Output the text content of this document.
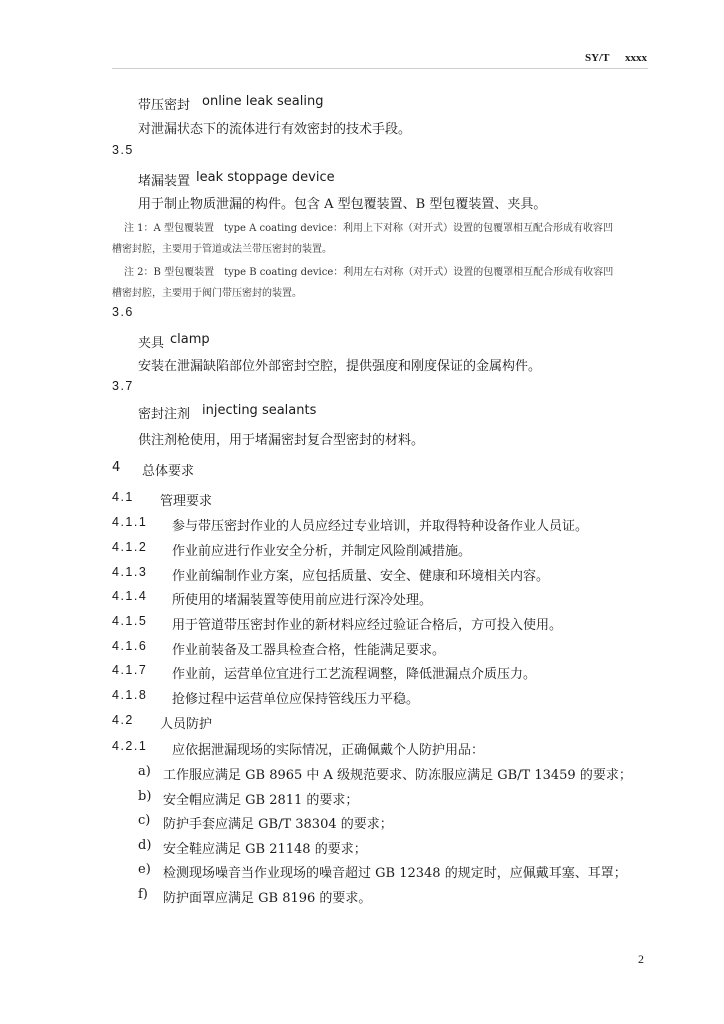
SY/T xxxx
带压密封 online leak sealing
对泄漏状态下的流体进行有效密封的技术手段。
3.5
堵漏装置 leak stoppage device
用于制止物质泄漏的构件。包含 A 型包覆装置、B 型包覆装置、夹具。
注 1：A 型包覆装置　type A coating device：利用上下对称（对开式）设置的包覆罩相互配合形成有收容凹
槽密封腔，主要用于管道或法兰带压密封的装置。
注 2：B 型包覆装置　type B coating device：利用左右对称（对开式）设置的包覆罩相互配合形成有收容凹
槽密封腔，主要用于阀门带压密封的装置。
3.6
夹具 clamp
安装在泄漏缺陷部位外部密封空腔，提供强度和刚度保证的金属构件。
3.7
密封注剂 injecting sealants
供注剂枪使用，用于堵漏密封复合型密封的材料。
4 总体要求
4.1 管理要求
4.1.1 参与带压密封作业的人员应经过专业培训，并取得特种设备作业人员证。
4.1.2 作业前应进行作业安全分析，并制定风险削减措施。
4.1.3 作业前编制作业方案，应包括质量、安全、健康和环境相关内容。
4.1.4 所使用的堵漏装置等使用前应进行深冷处理。
4.1.5 用于管道带压密封作业的新材料应经过验证合格后，方可投入使用。
4.1.6 作业前装备及工器具检查合格，性能满足要求。
4.1.7 作业前，运营单位宜进行工艺流程调整，降低泄漏点介质压力。
4.1.8 抢修过程中运营单位应保持管线压力平稳。
4.2 人员防护
4.2.1 应依据泄漏现场的实际情况，正确佩戴个人防护用品：
a) 工作服应满足 GB 8965 中 A 级规范要求、防冻服应满足 GB/T 13459 的要求；
b) 安全帽应满足 GB 2811 的要求；
c) 防护手套应满足 GB/T 38304 的要求；
d) 安全鞋应满足 GB 21148 的要求；
e) 检测现场噪音当作业现场的噪音超过 GB 12348 的规定时，应佩戴耳塞、耳罩；
f) 防护面罩应满足 GB 8196 的要求。
2
